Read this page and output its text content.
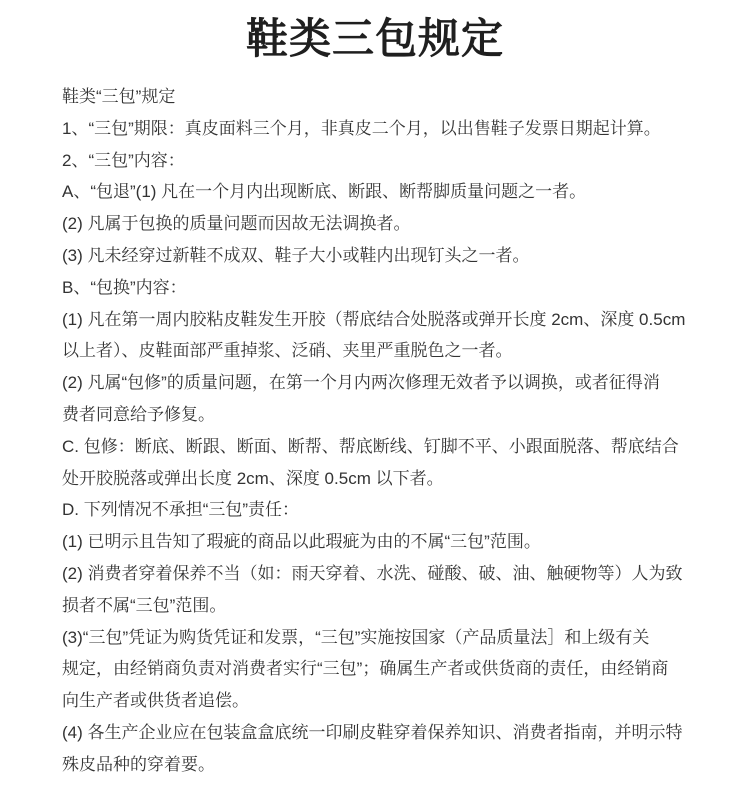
鞋类三包规定
鞋类“三包”规定
1、“三包”期限：真皮面料三个月，非真皮二个月，以出售鞋子发票日期起计算。
2、“三包”内容：
A、“包退”(1) 凡在一个月内出现断底、断跟、断帮脚质量问题之一者。
(2) 凡属于包换的质量问题而因故无法调换者。
(3) 凡未经穿过新鞋不成双、鞋子大小或鞋内出现钉头之一者。
B、“包换”内容：
(1) 凡在第一周内胶粘皮鞋发生开胶（帮底结合处脱落或弹开长度 2cm、深度 0.5cm
以上者）、皮鞋面部严重掉浆、泛硝、夹里严重脱色之一者。
(2) 凡属“包修”的质量问题，在第一个月内两次修理无效者予以调换，或者征得消
费者同意给予修复。
C. 包修：断底、断跟、断面、断帮、帮底断线、钉脚不平、小跟面脱落、帮底结合
处开胶脱落或弹出长度 2cm、深度 0.5cm 以下者。
D. 下列情况不承担“三包”责任：
(1) 已明示且告知了瑕疵的商品以此瑕疵为由的不属“三包”范围。
(2) 消费者穿着保养不当（如：雨天穿着、水洗、碰酸、破、油、触硬物等）人为致
损者不属“三包”范围。
(3)“三包”凭证为购货凭证和发票，“三包”实施按国家（产品质量法］和上级有关
规定，由经销商负责对消费者实行“三包”；确属生产者或供货商的责任，由经销商
向生产者或供货者追偿。
(4) 各生产企业应在包装盒盒底统一印刷皮鞋穿着保养知识、消费者指南，并明示特
殊皮品种的穿着要。
